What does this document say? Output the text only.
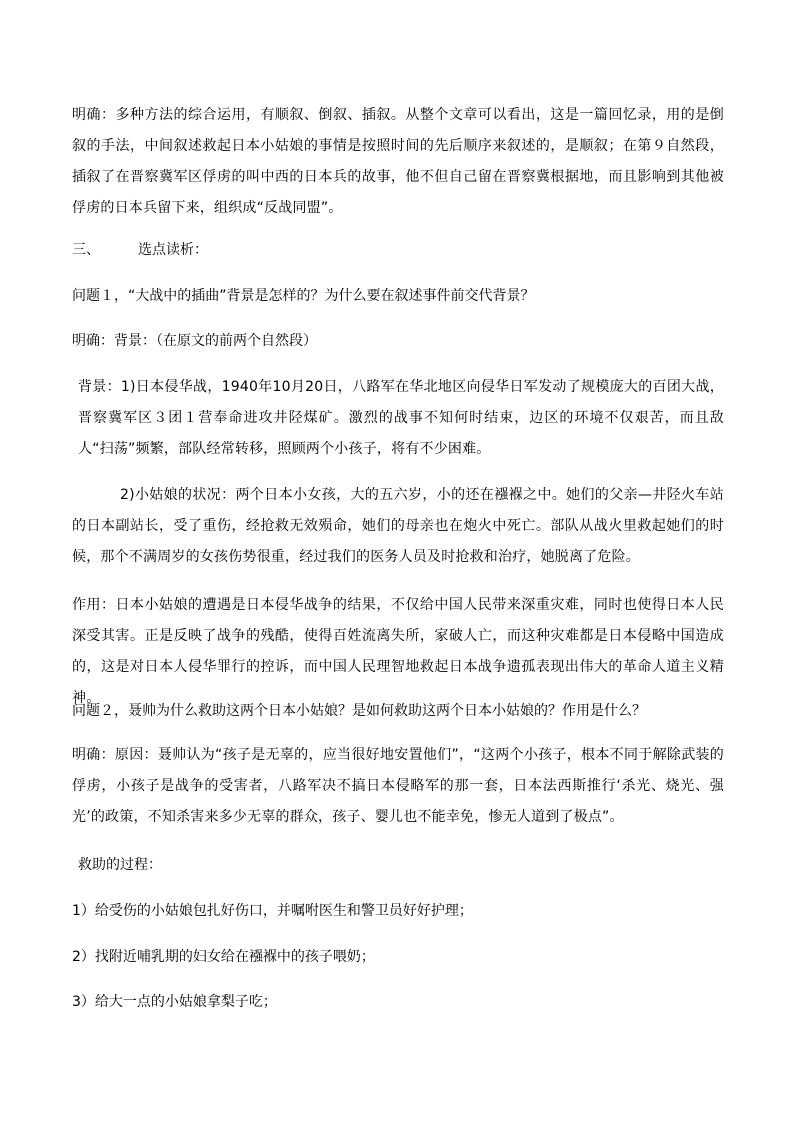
明确：多种方法的综合运用，有顺叙、倒叙、插叙。从整个文章可以看出，这是一篇回忆录，用的是倒叙的手法，中间叙述救起日本小姑娘的事情是按照时间的先后顺序来叙述的，是顺叙；在第９自然段，插叙了在晋察冀军区俘虏的叫中西的日本兵的故事，他不但自己留在晋察冀根据地，而且影响到其他被俘虏的日本兵留下来，组织成“反战同盟”。

三、	选点读析：

问题１，“大战中的插曲”背景是怎样的？为什么要在叙述事件前交代背景？

明确：背景：（在原文的前两个自然段）

背景：1)日本侵华战，1940年10月20日，八路军在华北地区向侵华日军发动了规模庞大的百团大战，晋察冀军区３团１营奉命进攻井陉煤矿。激烈的战事不知何时结束，边区的环境不仅艰苦，而且敌人“扫荡”频繁，部队经常转移，照顾两个小孩子，将有不少困难。

2)小姑娘的状况：两个日本小女孩，大的五六岁，小的还在襁褓之中。她们的父亲—井陉火车站的日本副站长，受了重伤，经抢救无效殒命，她们的母亲也在炮火中死亡。部队从战火里救起她们的时候，那个不满周岁的女孩伤势很重，经过我们的医务人员及时抢救和治疗，她脱离了危险。

作用：日本小姑娘的遭遇是日本侵华战争的结果，不仅给中国人民带来深重灾难，同时也使得日本人民深受其害。正是反映了战争的残酷，使得百姓流离失所，家破人亡，而这种灾难都是日本侵略中国造成的，这是对日本人侵华罪行的控诉，而中国人民理智地救起日本战争遗孤表现出伟大的革命人道主义精神。

问题２，聂帅为什么救助这两个日本小姑娘？是如何救助这两个日本小姑娘的？作用是什么？

明确：原因：聂帅认为“孩子是无辜的，应当很好地安置他们”，“这两个小孩子，根本不同于解除武装的俘虏，小孩子是战争的受害者，八路军决不搞日本侵略军的那一套，日本法西斯推行‘杀光、烧光、强光’的政策，不知杀害来多少无辜的群众，孩子、婴儿也不能幸免，惨无人道到了极点”。

救助的过程：

1）给受伤的小姑娘包扎好伤口，并嘱咐医生和警卫员好好护理；

2）找附近哺乳期的妇女给在襁褓中的孩子喂奶；

3）给大一点的小姑娘拿梨子吃；
